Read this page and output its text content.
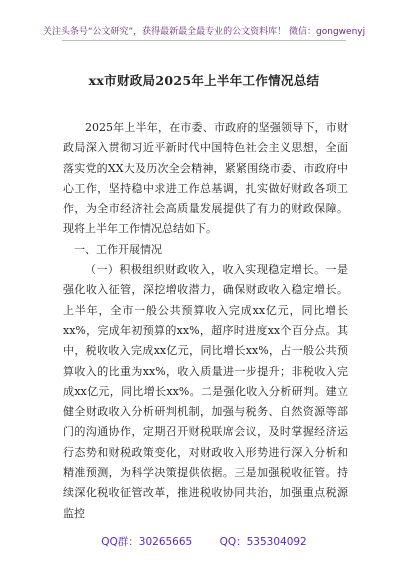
关注头条号“公文研究”，获得最新最全最专业的公文资料库！ 微信：gongwenyj
xx市财政局2025年上半年工作情况总结

2025年上半年，在市委、市政府的坚强领导下，市财政局深入贯彻习近平新时代中国特色社会主义思想，全面落实党的XX大及历次全会精神，紧紧围绕市委、市政府中心工作，坚持稳中求进工作总基调，扎实做好财政各项工作，为全市经济社会高质量发展提供了有力的财政保障。现将上半年工作情况总结如下。

一、工作开展情况

（一）积极组织财政收入，收入实现稳定增长。一是强化收入征管，深挖增收潜力，确保财政收入稳定增长。上半年，全市一般公共预算收入完成xx亿元，同比增长xx%，完成年初预算的xx%，超序时进度xx个百分点。其中，税收收入完成xx亿元，同比增长xx%，占一般公共预算收入的比重为xx%，收入质量进一步提升；非税收入完成xx亿元，同比增长xx%。二是强化收入分析研判。建立健全财政收入分析研判机制，加强与税务、自然资源等部门的沟通协作，定期召开财税联席会议，及时掌握经济运行态势和财税政策变化，对财政收入形势进行深入分析和精准预测，为科学决策提供依据。三是加强税收征管。持续深化税收征管改革，推进税收协同共治，加强重点税源监控

QQ群：30265665	QQ：535304092
